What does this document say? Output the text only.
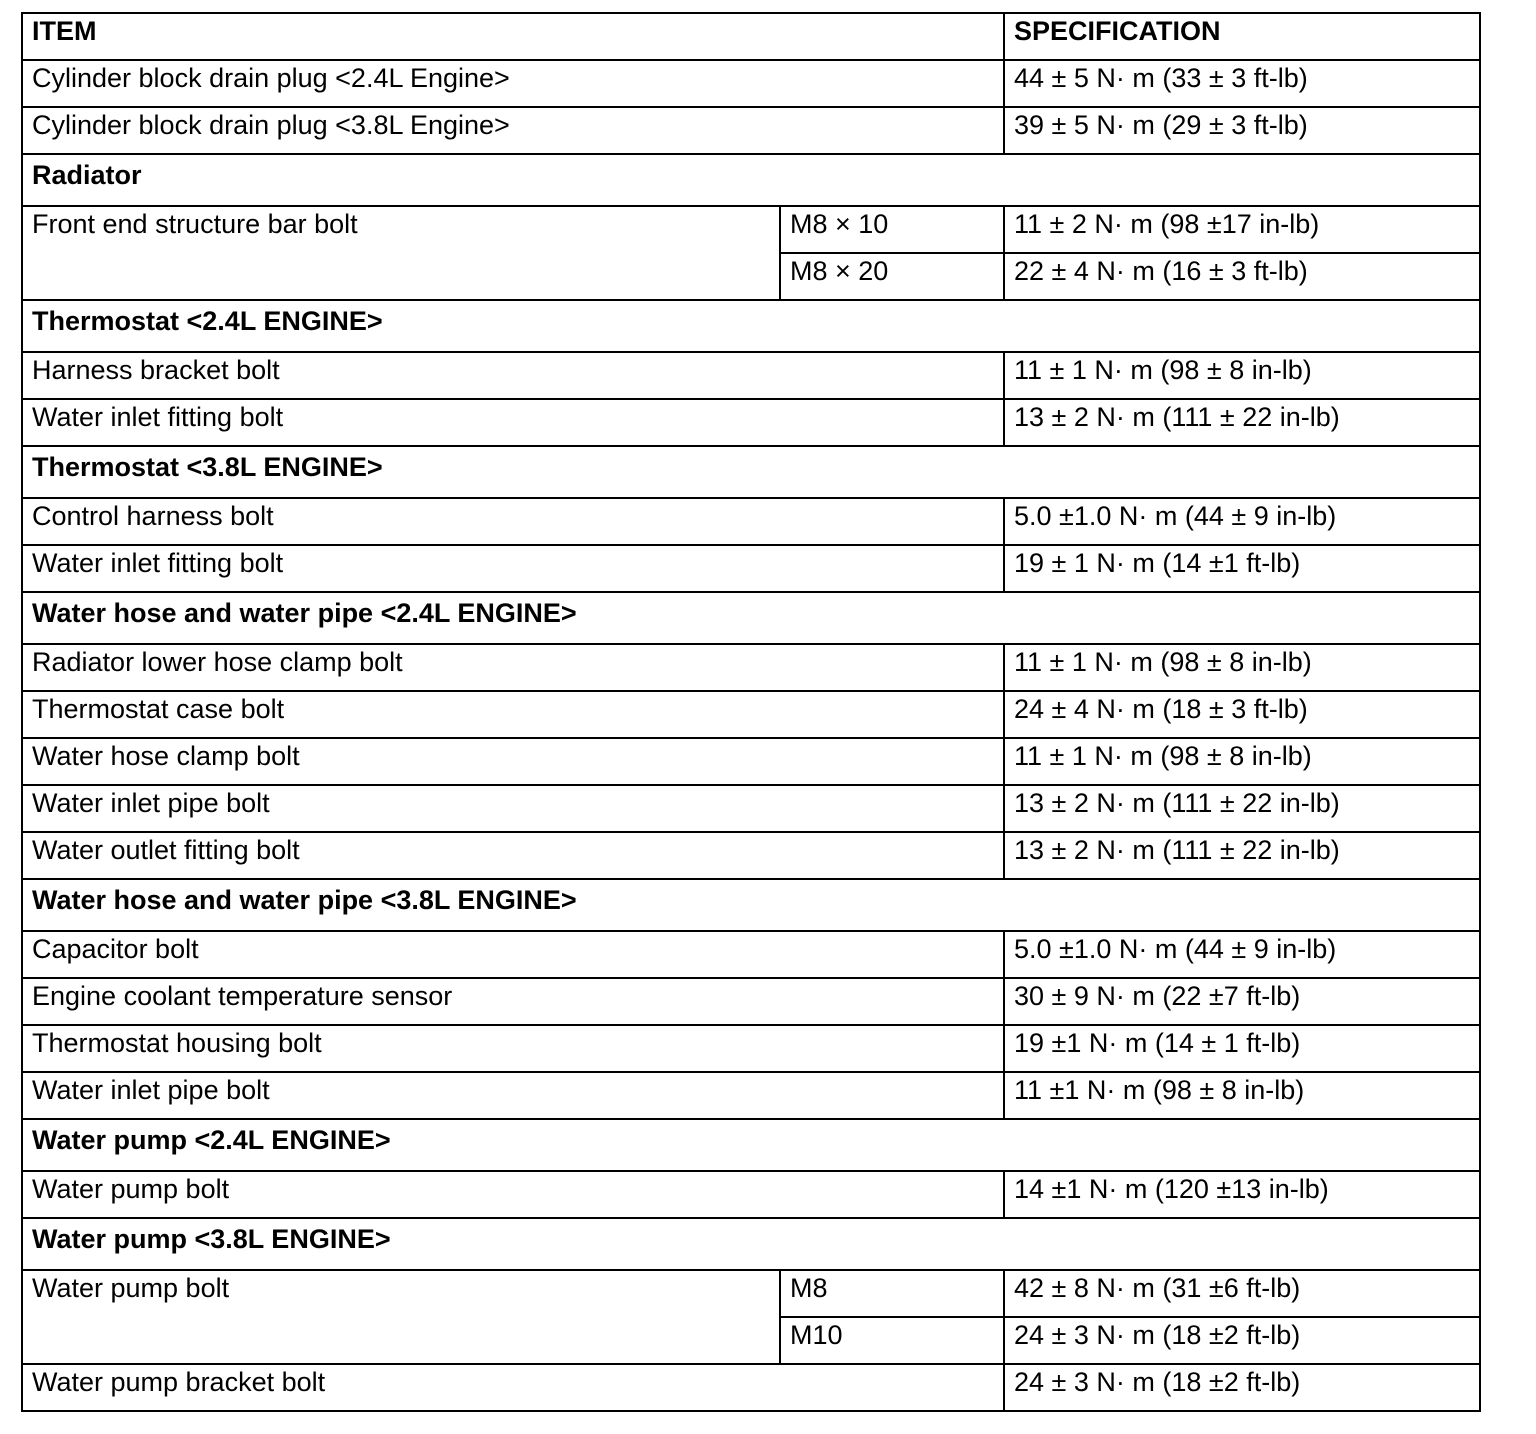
ITEM		SPECIFICATION
Cylinder block drain plug <2.4L Engine>		44 ± 5 N· m (33 ± 3 ft-lb)
Cylinder block drain plug <3.8L Engine>		39 ± 5 N· m (29 ± 3 ft-lb)
Radiator		
Front end structure bar bolt	M8 × 10	11 ± 2 N· m (98 ±17 in-lb)
	M8 × 20	22 ± 4 N· m (16 ± 3 ft-lb)
Thermostat <2.4L ENGINE>		
Harness bracket bolt		11 ± 1 N· m (98 ± 8 in-lb)
Water inlet fitting bolt		13 ± 2 N· m (111 ± 22 in-lb)
Thermostat <3.8L ENGINE>		
Control harness bolt		5.0 ±1.0 N· m (44 ± 9 in-lb)
Water inlet fitting bolt		19 ± 1 N· m (14 ±1 ft-lb)
Water hose and water pipe <2.4L ENGINE>		
Radiator lower hose clamp bolt		11 ± 1 N· m (98 ± 8 in-lb)
Thermostat case bolt		24 ± 4 N· m (18 ± 3 ft-lb)
Water hose clamp bolt		11 ± 1 N· m (98 ± 8 in-lb)
Water inlet pipe bolt		13 ± 2 N· m (111 ± 22 in-lb)
Water outlet fitting bolt		13 ± 2 N· m (111 ± 22 in-lb)
Water hose and water pipe <3.8L ENGINE>		
Capacitor bolt		5.0 ±1.0 N· m (44 ± 9 in-lb)
Engine coolant temperature sensor		30 ± 9 N· m (22 ±7 ft-lb)
Thermostat housing bolt		19 ±1 N· m (14 ± 1 ft-lb)
Water inlet pipe bolt		11 ±1 N· m (98 ± 8 in-lb)
Water pump <2.4L ENGINE>		
Water pump bolt		14 ±1 N· m (120 ±13 in-lb)
Water pump <3.8L ENGINE>		
Water pump bolt	M8	42 ± 8 N· m (31 ±6 ft-lb)
	M10	24 ± 3 N· m (18 ±2 ft-lb)
Water pump bracket bolt		24 ± 3 N· m (18 ±2 ft-lb)
